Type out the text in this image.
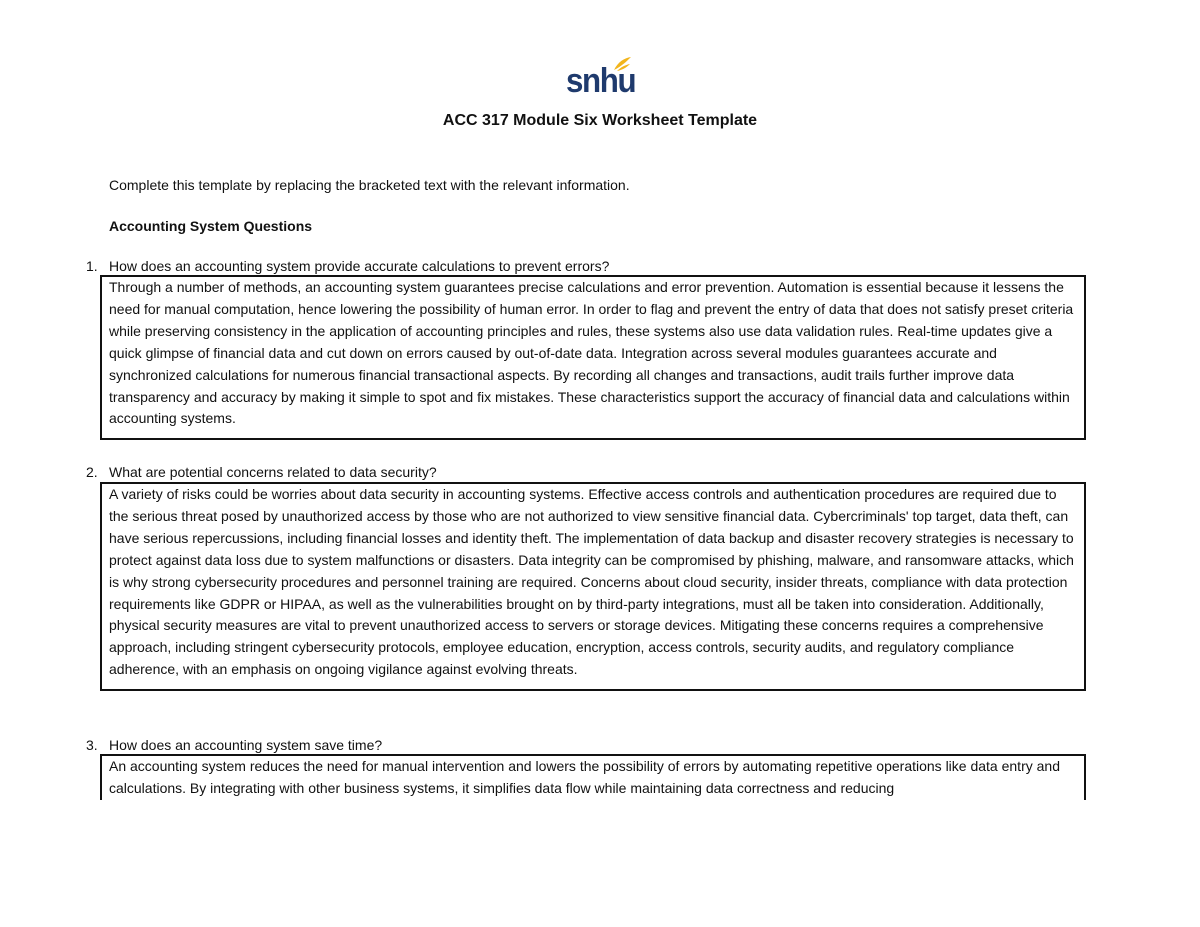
snhu
ACC 317 Module Six Worksheet Template
Complete this template by replacing the bracketed text with the relevant information.
Accounting System Questions
1. How does an accounting system provide accurate calculations to prevent errors?

Through a number of methods, an accounting system guarantees precise calculations and error prevention. Automation is essential because it lessens the need for manual computation, hence lowering the possibility of human error. In order to flag and prevent the entry of data that does not satisfy preset criteria while preserving consistency in the application of accounting principles and rules, these systems also use data validation rules. Real-time updates give a quick glimpse of financial data and cut down on errors caused by out-of-date data. Integration across several modules guarantees accurate and synchronized calculations for numerous financial transactional aspects. By recording all changes and transactions, audit trails further improve data transparency and accuracy by making it simple to spot and fix mistakes. These characteristics support the accuracy of financial data and calculations within accounting systems.

2. What are potential concerns related to data security?

A variety of risks could be worries about data security in accounting systems. Effective access controls and authentication procedures are required due to the serious threat posed by unauthorized access by those who are not authorized to view sensitive financial data. Cybercriminals' top target, data theft, can have serious repercussions, including financial losses and identity theft. The implementation of data backup and disaster recovery strategies is necessary to protect against data loss due to system malfunctions or disasters. Data integrity can be compromised by phishing, malware, and ransomware attacks, which is why strong cybersecurity procedures and personnel training are required. Concerns about cloud security, insider threats, compliance with data protection requirements like GDPR or HIPAA, as well as the vulnerabilities brought on by third-party integrations, must all be taken into consideration. Additionally, physical security measures are vital to prevent unauthorized access to servers or storage devices. Mitigating these concerns requires a comprehensive approach, including stringent cybersecurity protocols, employee education, encryption, access controls, security audits, and regulatory compliance adherence, with an emphasis on ongoing vigilance against evolving threats.

3. How does an accounting system save time?

An accounting system reduces the need for manual intervention and lowers the possibility of errors by automating repetitive operations like data entry and calculations. By integrating with other business systems, it simplifies data flow while maintaining data correctness and reducing
